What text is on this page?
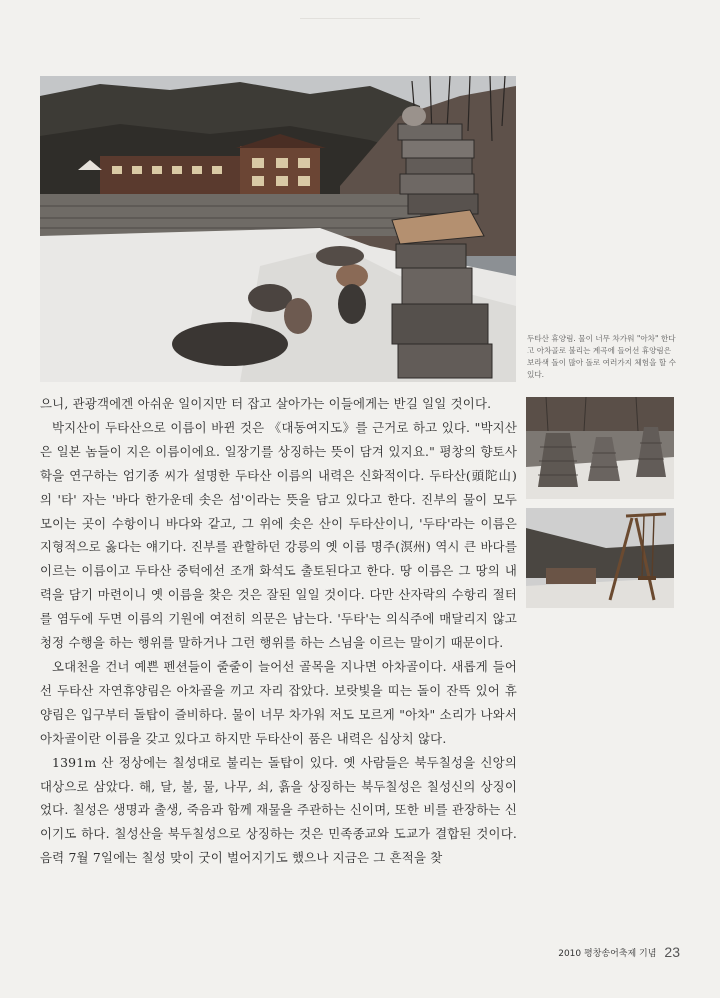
두타산 휴양림. 물이 너무 차가워 "아차" 한다고 아차골로 불리는 계곡에 들어선 휴양림은 보라색 돌이 많아 돌로 여러가지 체험을 할 수 있다.

으니, 관광객에겐 아쉬운 일이지만 터 잡고 살아가는 이들에게는 반길 일일 것이다.

박지산이 두타산으로 이름이 바뀐 것은 《대동여지도》를 근거로 하고 있다. "박지산은 일본 놈들이 지은 이름이에요. 일장기를 상징하는 뜻이 담겨 있지요." 평창의 향토사학을 연구하는 엄기종 씨가 설명한 두타산 이름의 내력은 신화적이다. 두타산(頭陀山)의 '타' 자는 '바다 한가운데 솟은 섬'이라는 뜻을 담고 있다고 한다. 진부의 물이 모두 모이는 곳이 수항이니 바다와 같고, 그 위에 솟은 산이 두타산이니, '두타'라는 이름은 지형적으로 옳다는 얘기다. 진부를 관할하던 강릉의 옛 이름 명주(溟州) 역시 큰 바다를 이르는 이름이고 두타산 중턱에선 조개 화석도 출토된다고 한다. 땅 이름은 그 땅의 내력을 담기 마련이니 옛 이름을 찾은 것은 잘된 일일 것이다. 다만 산자락의 수항리 절터를 염두에 두면 이름의 기원에 여전히 의문은 남는다. '두타'는 의식주에 매달리지 않고 청정 수행을 하는 행위를 말하거나 그런 행위를 하는 스님을 이르는 말이기 때문이다.

오대천을 건너 예쁜 펜션들이 줄줄이 늘어선 골목을 지나면 아차골이다. 새롭게 들어선 두타산 자연휴양림은 아차골을 끼고 자리 잡았다. 보랏빛을 띠는 돌이 잔뜩 있어 휴양림은 입구부터 돌탑이 즐비하다. 물이 너무 차가워 저도 모르게 "아차" 소리가 나와서 아차골이란 이름을 갖고 있다고 하지만 두타산이 품은 내력은 심상치 않다.

1391m 산 정상에는 칠성대로 불리는 돌탑이 있다. 옛 사람들은 북두칠성을 신앙의 대상으로 삼았다. 해, 달, 불, 물, 나무, 쇠, 흙을 상징하는 북두칠성은 칠성신의 상징이었다. 칠성은 생명과 출생, 죽음과 함께 재물을 주관하는 신이며, 또한 비를 관장하는 신이기도 하다. 칠성산을 북두칠성으로 상징하는 것은 민족종교와 도교가 결합된 것이다. 음력 7월 7일에는 칠성 맞이 굿이 벌어지기도 했으나 지금은 그 흔적을 찾

2010 평창송어축제 기념 23
